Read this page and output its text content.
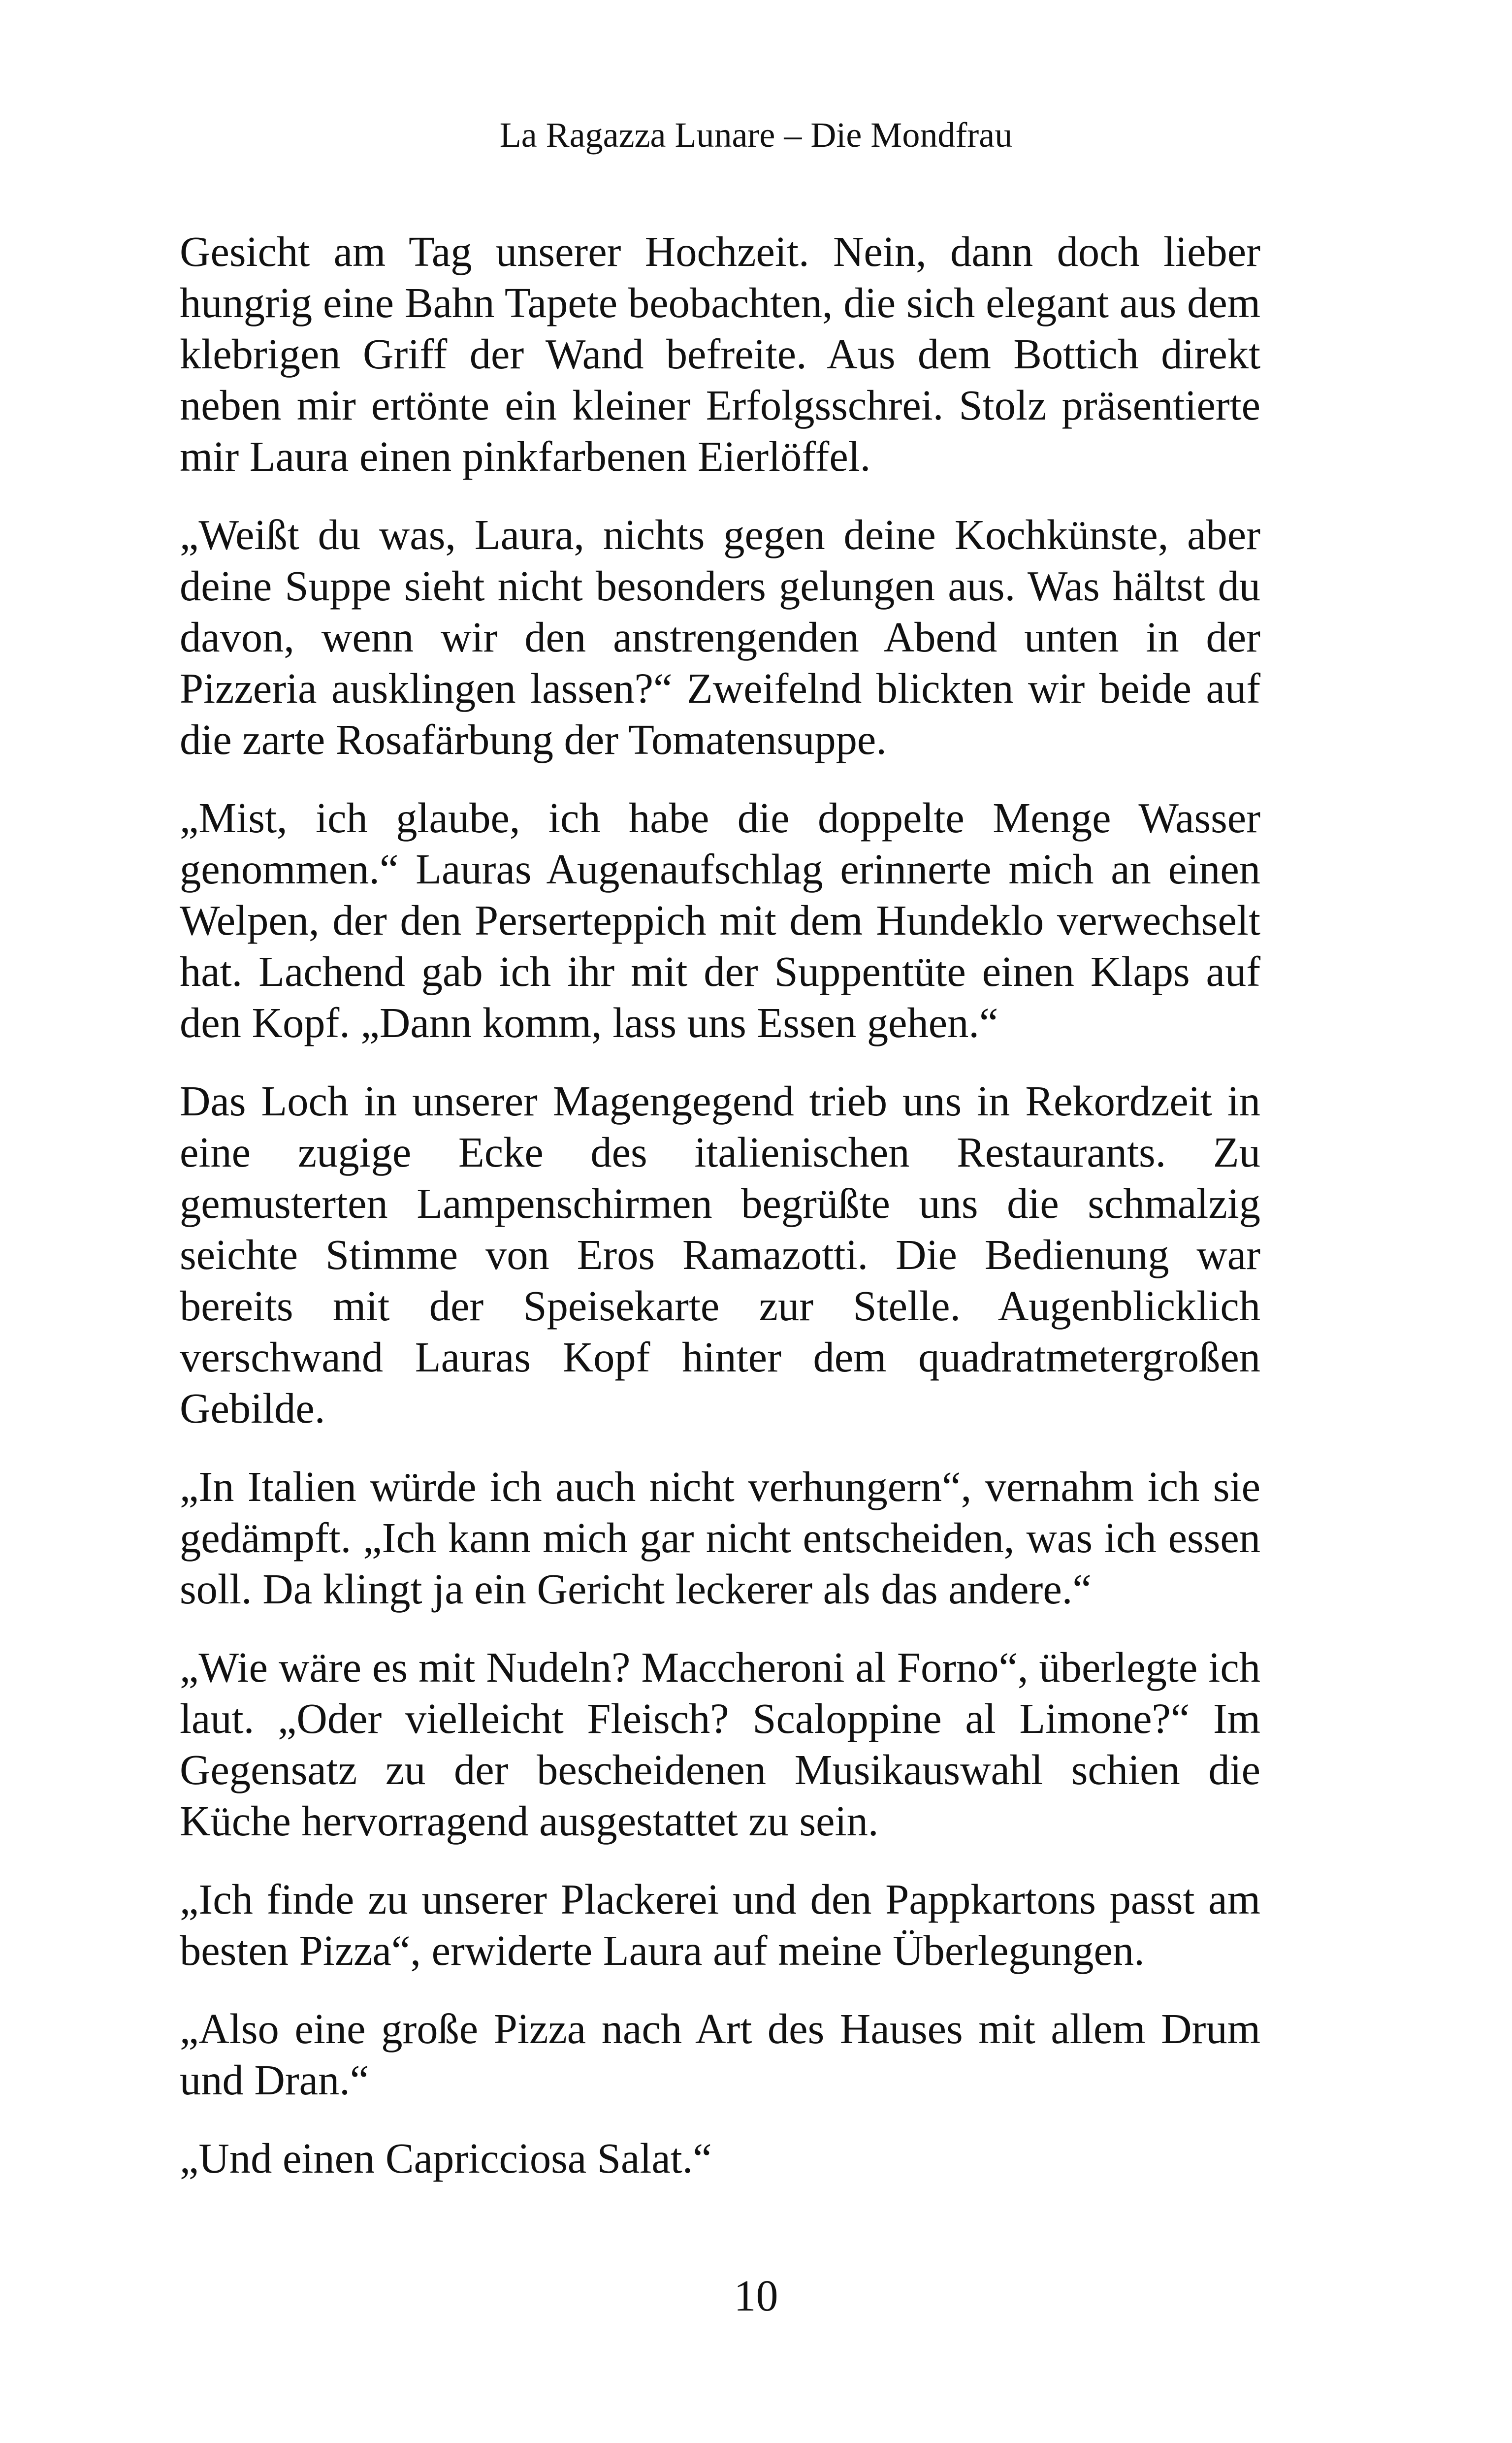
La Ragazza Lunare – Die Mondfrau

Gesicht am Tag unserer Hochzeit. Nein, dann doch lieber hungrig eine Bahn Tapete beobachten, die sich elegant aus dem klebrigen Griff der Wand befreite. Aus dem Bottich direkt neben mir ertönte ein kleiner Erfolgsschrei. Stolz präsentierte mir Laura einen pinkfarbenen Eierlöffel.

„Weißt du was, Laura, nichts gegen deine Kochkünste, aber deine Suppe sieht nicht besonders gelungen aus. Was hältst du davon, wenn wir den anstrengenden Abend unten in der Pizzeria ausklingen lassen?“ Zweifelnd blickten wir beide auf die zarte Rosafärbung der Tomatensuppe.

„Mist, ich glaube, ich habe die doppelte Menge Wasser genommen.“ Lauras Augenaufschlag erinnerte mich an einen Welpen, der den Perserteppich mit dem Hundeklo verwechselt hat. Lachend gab ich ihr mit der Suppentüte einen Klaps auf den Kopf. „Dann komm, lass uns Essen gehen.“

Das Loch in unserer Magengegend trieb uns in Rekordzeit in eine zugige Ecke des italienischen Restaurants. Zu gemusterten Lampenschirmen begrüßte uns die schmalzig seichte Stimme von Eros Ramazotti. Die Bedienung war bereits mit der Speisekarte zur Stelle. Augenblicklich verschwand Lauras Kopf hinter dem quadratmetergroßen Gebilde.

„In Italien würde ich auch nicht verhungern“, vernahm ich sie gedämpft. „Ich kann mich gar nicht entscheiden, was ich essen soll. Da klingt ja ein Gericht leckerer als das andere.“

„Wie wäre es mit Nudeln? Maccheroni al Forno“, überlegte ich laut. „Oder vielleicht Fleisch? Scaloppine al Limone?“ Im Gegensatz zu der bescheidenen Musikauswahl schien die Küche hervorragend ausgestattet zu sein.

„Ich finde zu unserer Plackerei und den Pappkartons passt am besten Pizza“, erwiderte Laura auf meine Überlegungen.

„Also eine große Pizza nach Art des Hauses mit allem Drum und Dran.“

„Und einen Capricciosa Salat.“

10
